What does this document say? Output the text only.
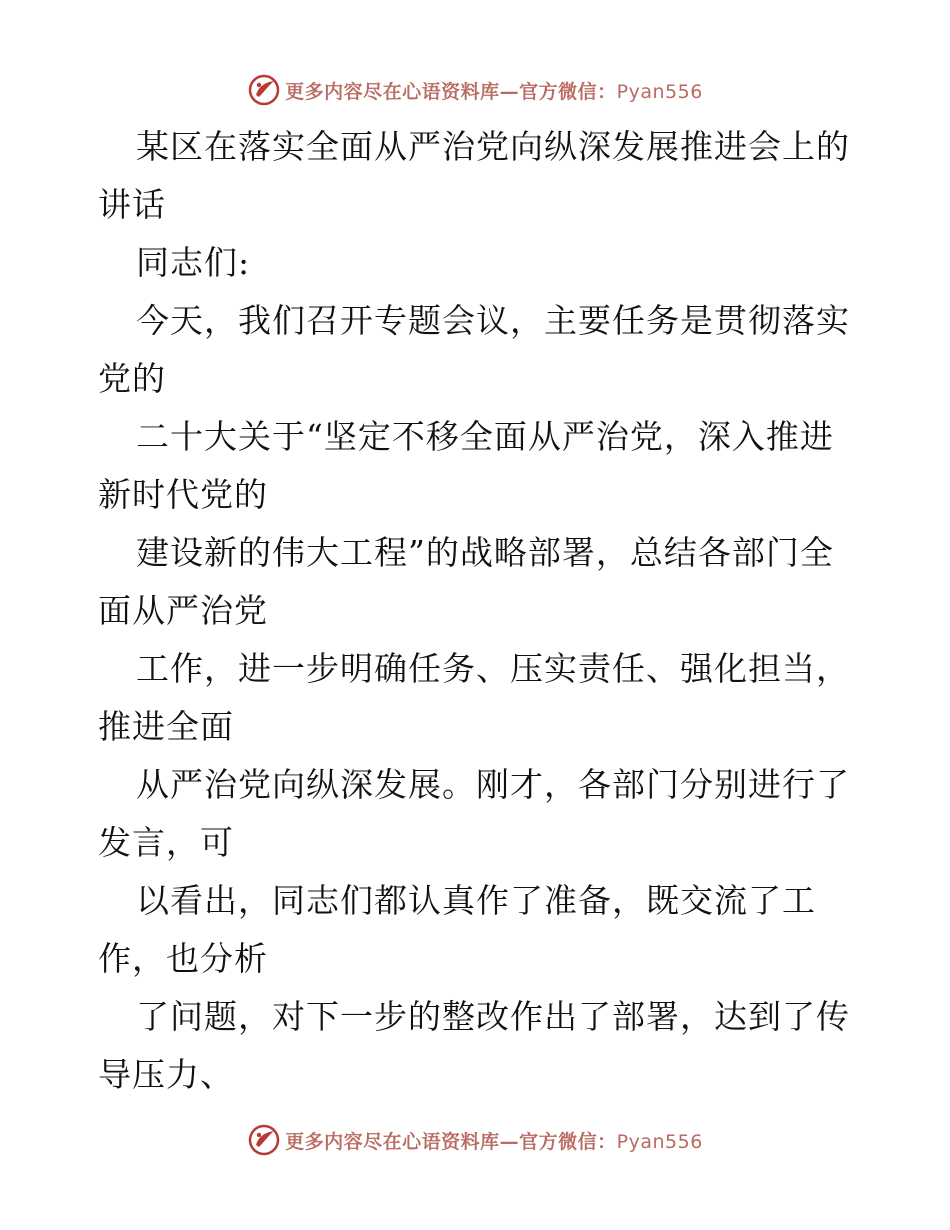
更多内容尽在心语资料库—官方微信：Pyan556

某区在落实全面从严治党向纵深发展推进会上的讲话

同志们:

今天，我们召开专题会议，主要任务是贯彻落实党的

二十大关于“坚定不移全面从严治党，深入推进新时代党的

建设新的伟大工程”的战略部署，总结各部门全面从严治党

工作，进一步明确任务、压实责任、强化担当，推进全面

从严治党向纵深发展。刚才，各部门分别进行了发言，可

以看出，同志们都认真作了准备，既交流了工作，也分析

了问题，对下一步的整改作出了部署，达到了传导压力、

更多内容尽在心语资料库—官方微信：Pyan556
